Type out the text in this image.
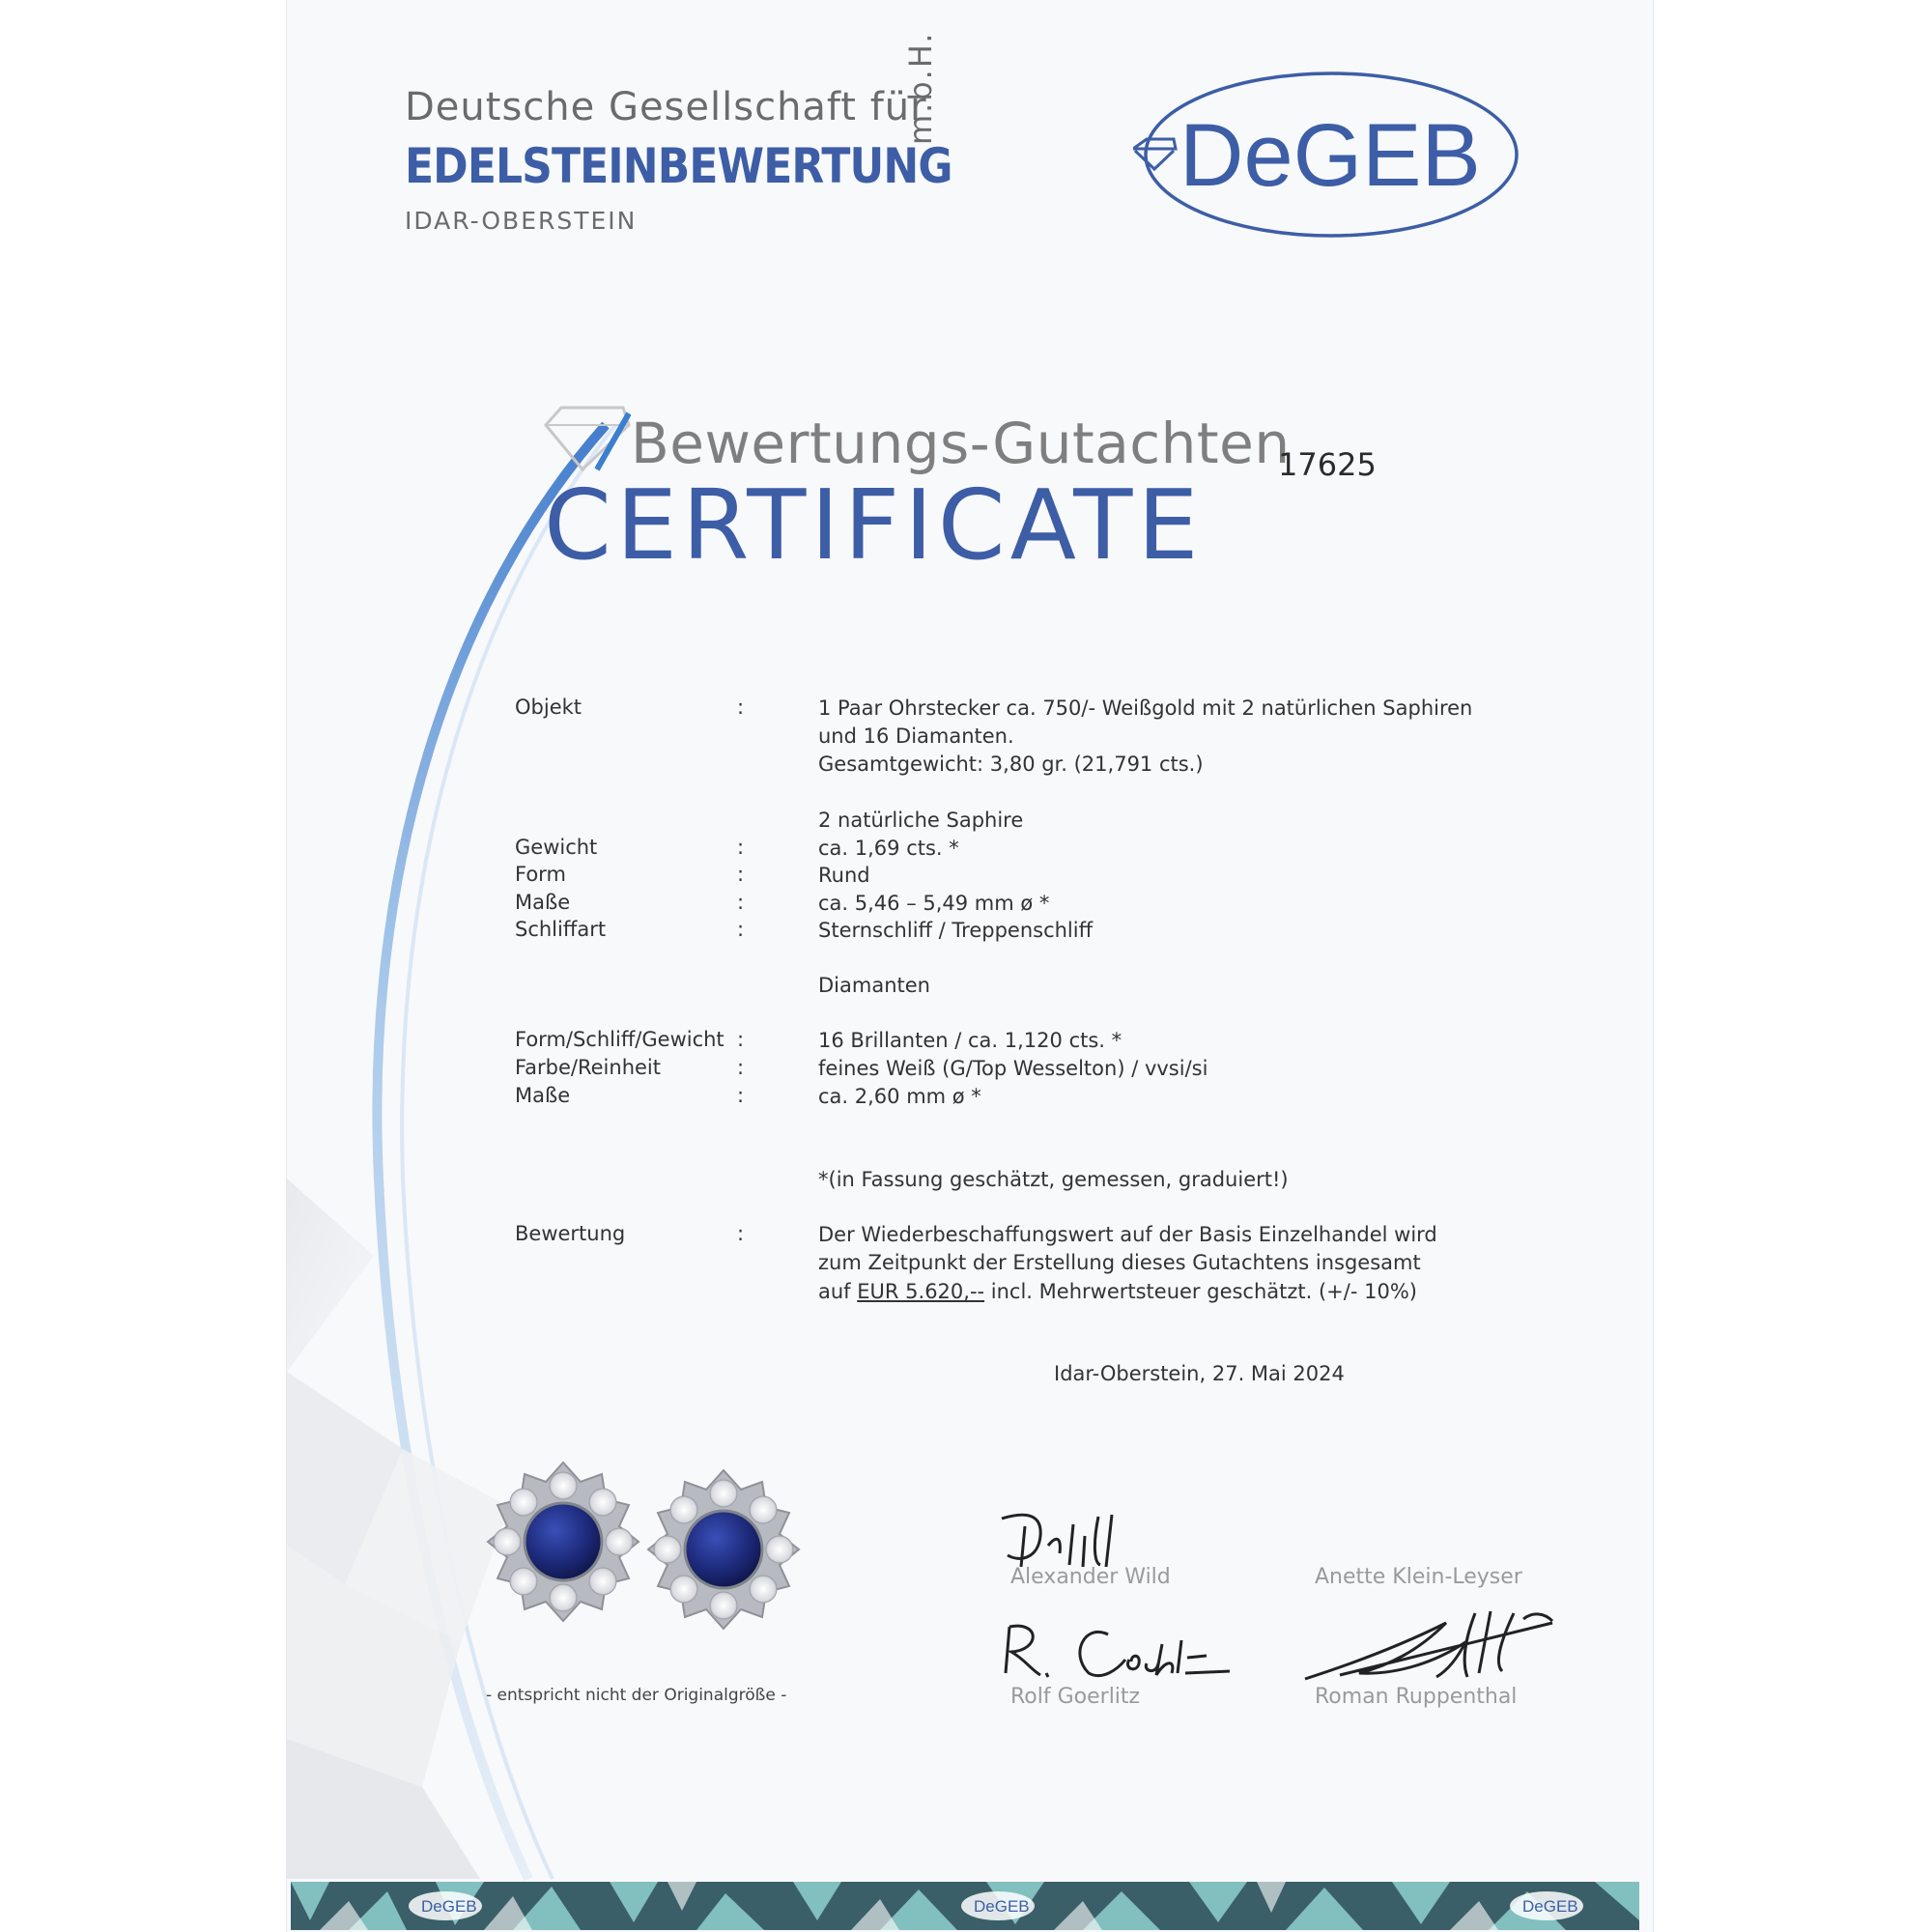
Deutsche Gesellschaft für
EDELSTEINBEWERTUNG
IDAR-OBERSTEIN
m.b.H.
DeGEB
Bewertungs-Gutachten
CERTIFICATE
17625
Objekt	:	1 Paar Ohrstecker ca. 750/- Weißgold mit 2 natürlichen Saphiren
und 16 Diamanten.
Gesamtgewicht: 3,80 gr. (21,791 cts.)
2 natürliche Saphire
Gewicht	:	ca. 1,69 cts. *
Form	:	Rund
Maße	:	ca. 5,46 – 5,49 mm ø *
Schliffart	:	Sternschliff / Treppenschliff
Diamanten
Form/Schliff/Gewicht :	16 Brillanten / ca. 1,120 cts. *
Farbe/Reinheit	:	feines Weiß (G/Top Wesselton) / vvsi/si
Maße	:	ca. 2,60 mm ø *
*(in Fassung geschätzt, gemessen, graduiert!)
Bewertung	:	Der Wiederbeschaffungswert auf der Basis Einzelhandel wird
zum Zeitpunkt der Erstellung dieses Gutachtens insgesamt
auf EUR 5.620,-- incl. Mehrwertsteuer geschätzt. (+/- 10%)
Idar-Oberstein, 27. Mai 2024
- entspricht nicht der Originalgröße -
Alexander Wild	Anette Klein-Leyser
Rolf Goerlitz	Roman Ruppenthal
DeGEB	DeGEB	DeGEB
